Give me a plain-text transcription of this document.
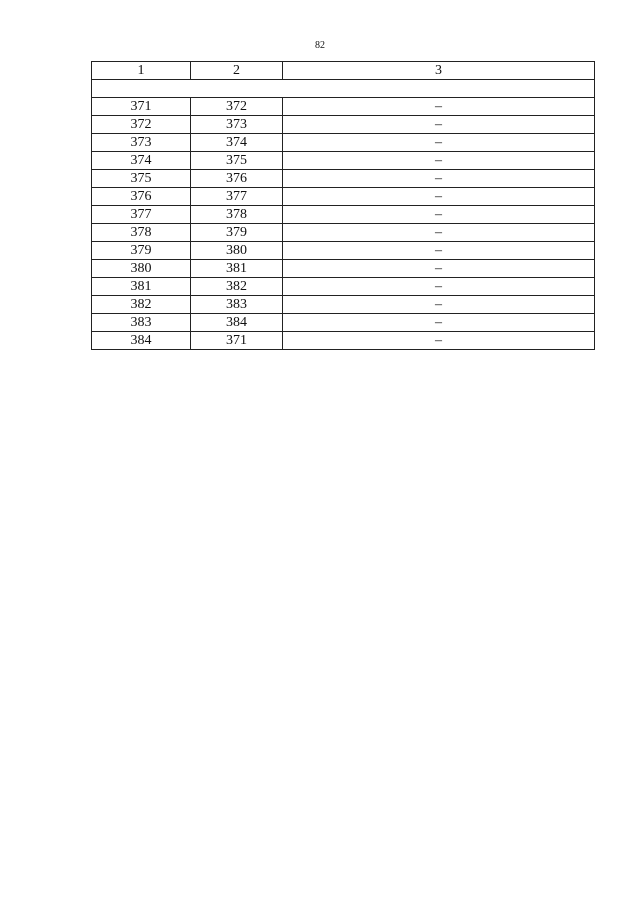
82
1	2	3

371	372	–
372	373	–
373	374	–
374	375	–
375	376	–
376	377	–
377	378	–
378	379	–
379	380	–
380	381	–
381	382	–
382	383	–
383	384	–
384	371	–
